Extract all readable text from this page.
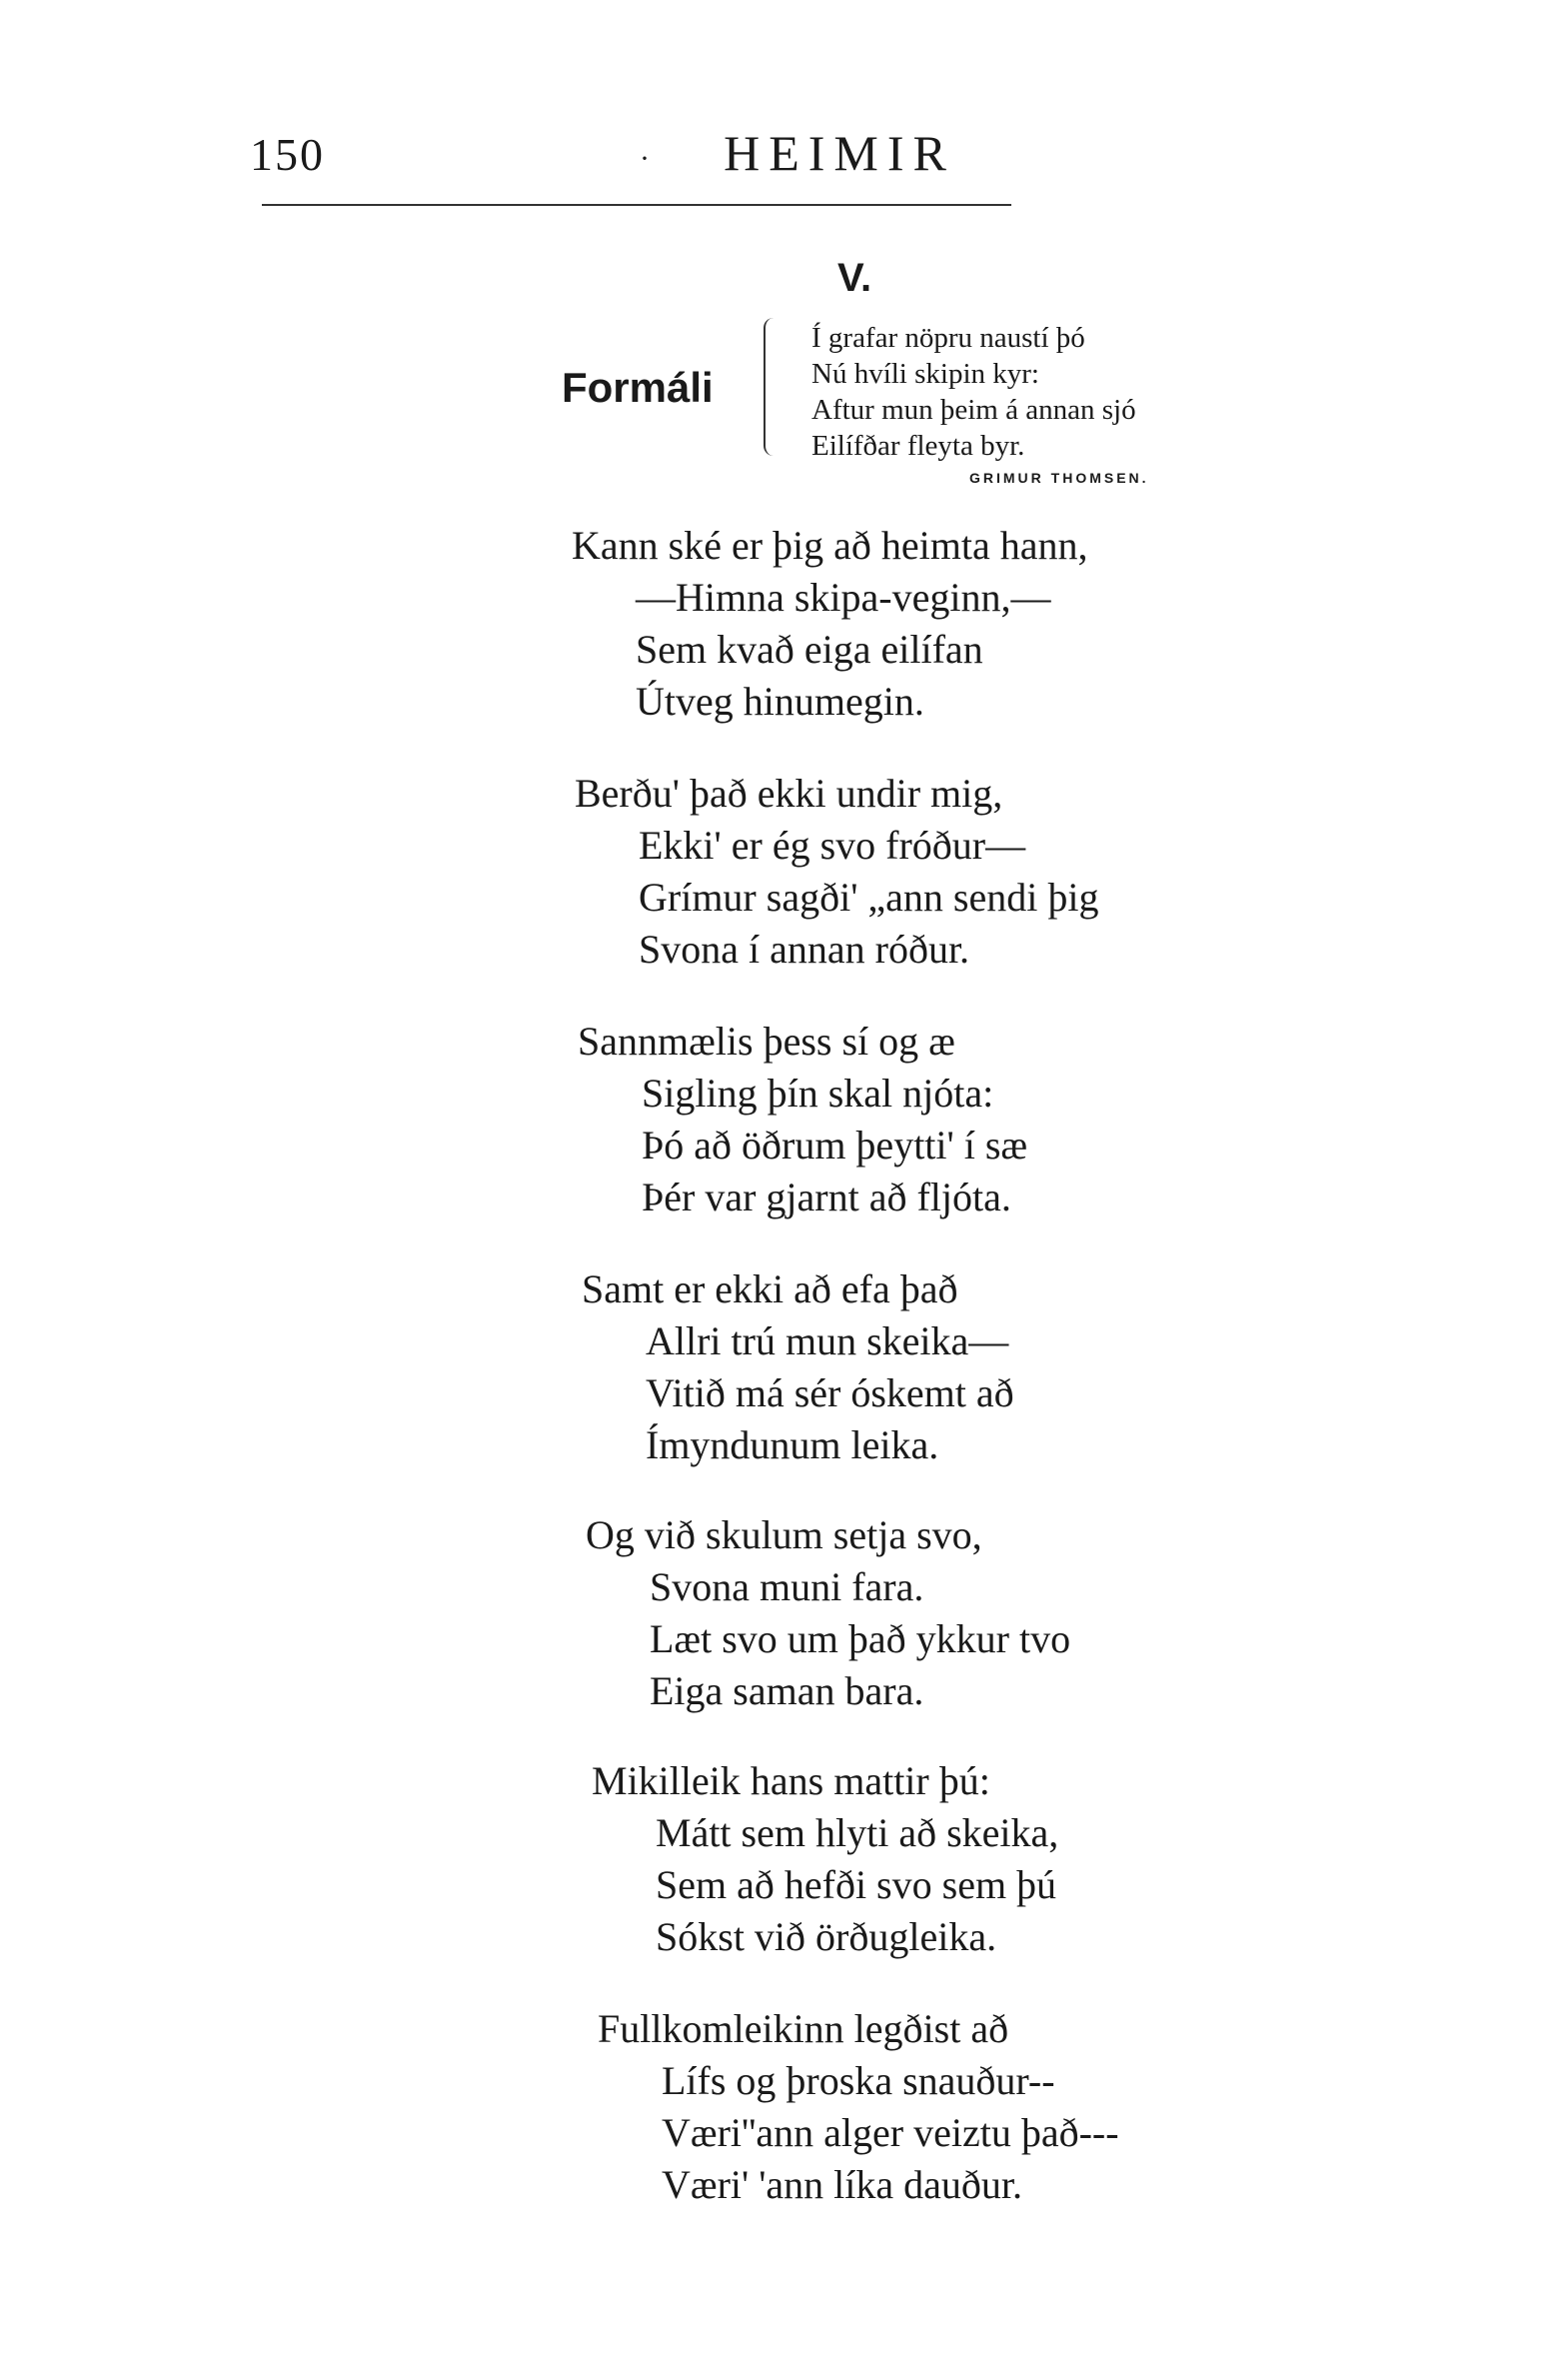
150	·	HEIMIR
V.
Formáli
Í grafar nöpru naustí þó
Nú hvíli skipin kyr:
Aftur mun þeim á annan sjó
Eilífðar fleyta byr.
GRIMUR THOMSEN.
Kann ské er þig að heimta hann,
—Himna skipa-veginn,—
Sem kvað eiga eilífan
Útveg hinumegin.
Berðu' það ekki undir mig,
Ekki' er ég svo fróður—
Grímur sagði' „ann sendi þig
Svona í annan róður.
Sannmælis þess sí og æ
Sigling þín skal njóta:
Þó að öðrum þeytti' í sæ
Þér var gjarnt að fljóta.
Samt er ekki að efa það
Allri trú mun skeika—
Vitið má sér óskemt að
Ímyndunum leika.
Og við skulum setja svo,
Svona muni fara.
Læt svo um það ykkur tvo
Eiga saman bara.
Mikilleik hans mattir þú:
Mátt sem hlyti að skeika,
Sem að hefði svo sem þú
Sókst við örðugleika.
Fullkomleikinn legðist að
Lífs og þroska snauður--
Væri''ann alger veiztu það---
Væri' 'ann líka dauður.
